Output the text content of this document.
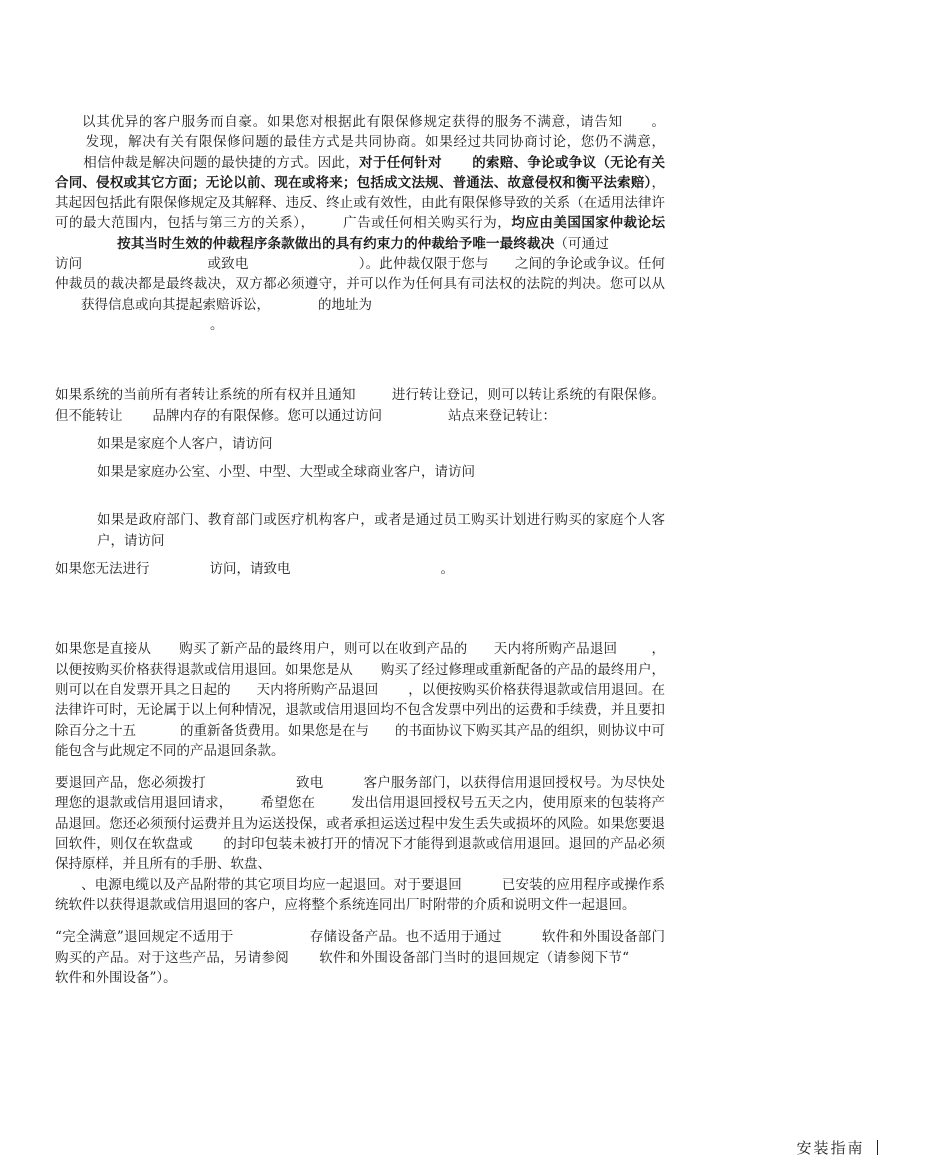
以其优异的客户服务而自豪。如果您对根据此有限保修规定获得的服务不满意，请告知 。发现，解决有关有限保修问题的最佳方式是共同协商。如果经过共同协商讨论，您仍不满意，相信仲裁是解决问题的最快捷的方式。因此，对于任何针对 的索赔、争论或争议（无论有关合同、侵权或其它方面；无论以前、现在或将来；包括成文法规、普通法、故意侵权和衡平法索赔），其起因包括此有限保修规定及其解释、违反、终止或有效性，由此有限保修导致的关系（在适用法律许可的最大范围内，包括与第三方的关系）， 广告或任何相关购买行为，均应由美国国家仲裁论坛按其当时生效的仲裁程序条款做出的具有约束力的仲裁给予唯一最终裁决（可通过访问	或致电	）。此仲裁仅限于您与 之间的争论或争议。任何仲裁员的裁决都是最终裁决，双方都必须遵守，并可以作为任何具有司法权的法院的判决。您可以从获得信息或向其提起索赔诉讼，	的地址为
。

如果系统的当前所有者转让系统的所有权并且通知	进行转让登记，则可以转让系统的有限保修。但不能转让 品牌内存的有限保修。您可以通过访问	站点来登记转让：

如果是家庭个人客户，请访问

如果是家庭办公室、小型、中型、大型或全球商业客户，请访问

如果是政府部门、教育部门或医疗机构客户，或者是通过员工购买计划进行购买的家庭个人客户，请访问

如果您无法进行	访问，请致电	。

如果您是直接从 购买了新产品的最终用户，则可以在收到产品的 天内将所购产品退回	，以便按购买价格获得退款或信用退回。如果您是从 购买了经过修理或重新配备的产品的最终用户，则可以在自发票开具之日起的 天内将所购产品退回 ，以便按购买价格获得退款或信用退回。在法律许可时，无论属于以上何种情况，退款或信用退回均不包含发票中列出的运费和手续费，并且要扣除百分之十五	的重新备货费用。如果您是在与 的书面协议下购买其产品的组织，则协议中可能包含与此规定不同的产品退回条款。

要退回产品，您必须拨打	致电	客户服务部门，以获得信用退回授权号。为尽快处理您的退款或信用退回请求， 希望您在	发出信用退回授权号五天之内，使用原来的包装将产品退回。您还必须预付运费并且为运送投保，或者承担运送过程中发生丢失或损坏的风险。如果您要退回软件，则仅在软盘或 的封印包装未被打开的情况下才能得到退款或信用退回。退回的产品必须保持原样，并且所有的手册、软盘、
、电源电缆以及产品附带的其它项目均应一起退回。对于要退回	已安装的应用程序或操作系统软件以获得退款或信用退回的客户，应将整个系统连同出厂时附带的介质和说明文件一起退回。

“完全满意”退回规定不适用于	存储设备产品。也不适用于通过	软件和外围设备部门购买的产品。对于这些产品，另请参阅 软件和外围设备部门当时的退回规定（请参阅下节“软件和外围设备”）。

安装指南
